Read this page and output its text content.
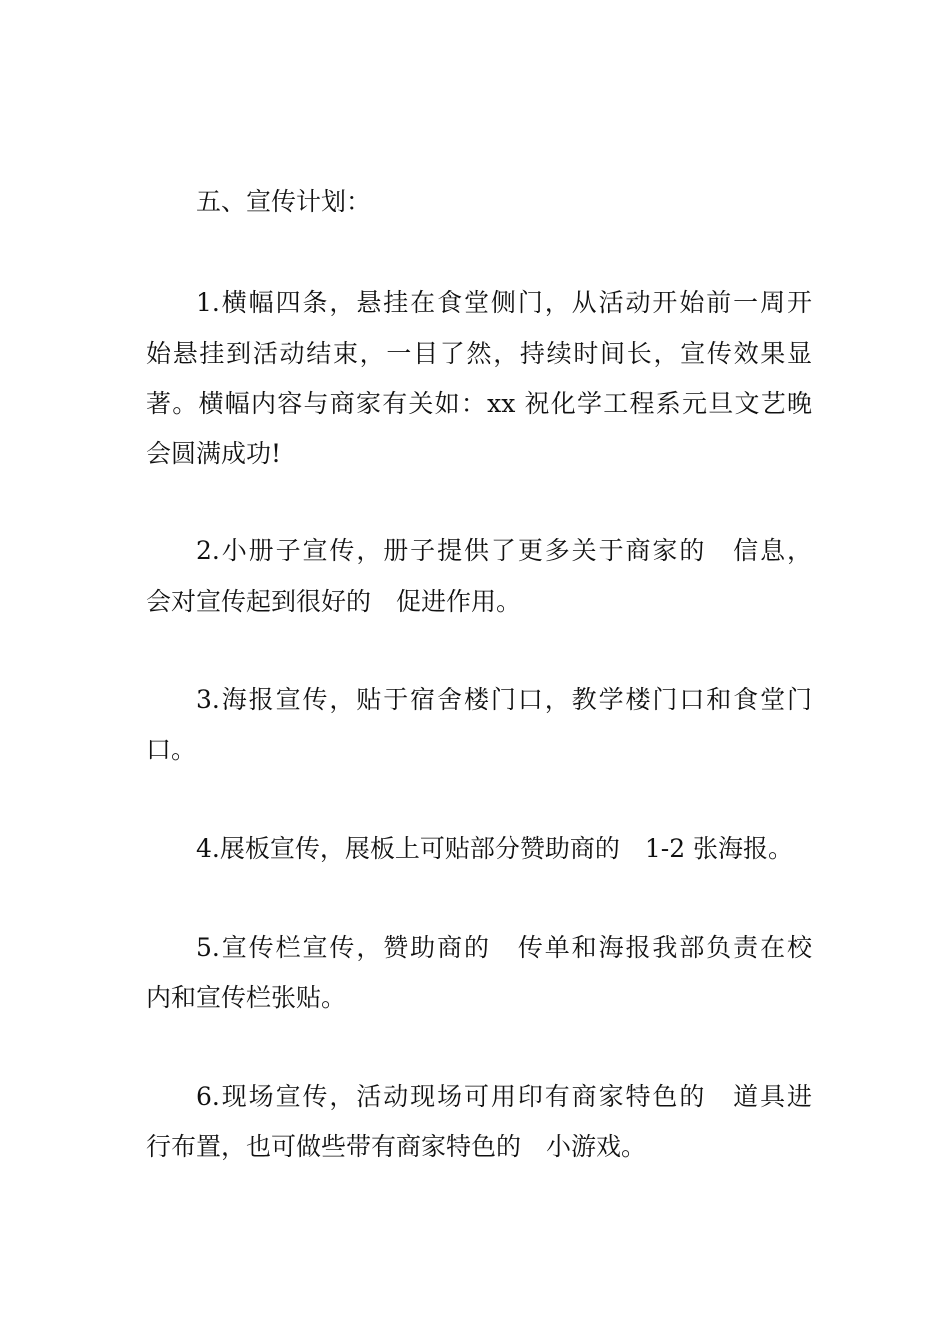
五、宣传计划：
1.横幅四条，悬挂在食堂侧门，从活动开始前一周开
始悬挂到活动结束，一目了然，持续时间长，宣传效果显
著。横幅内容与商家有关如：xx 祝化学工程系元旦文艺晚
会圆满成功!
2.小册子宣传，册子提供了更多关于商家的　信息，
会对宣传起到很好的　促进作用。
3.海报宣传，贴于宿舍楼门口，教学楼门口和食堂门
口。
4.展板宣传，展板上可贴部分赞助商的　1-2 张海报。
5.宣传栏宣传，赞助商的　传单和海报我部负责在校
内和宣传栏张贴。
6.现场宣传，活动现场可用印有商家特色的　道具进
行布置，也可做些带有商家特色的　小游戏。
